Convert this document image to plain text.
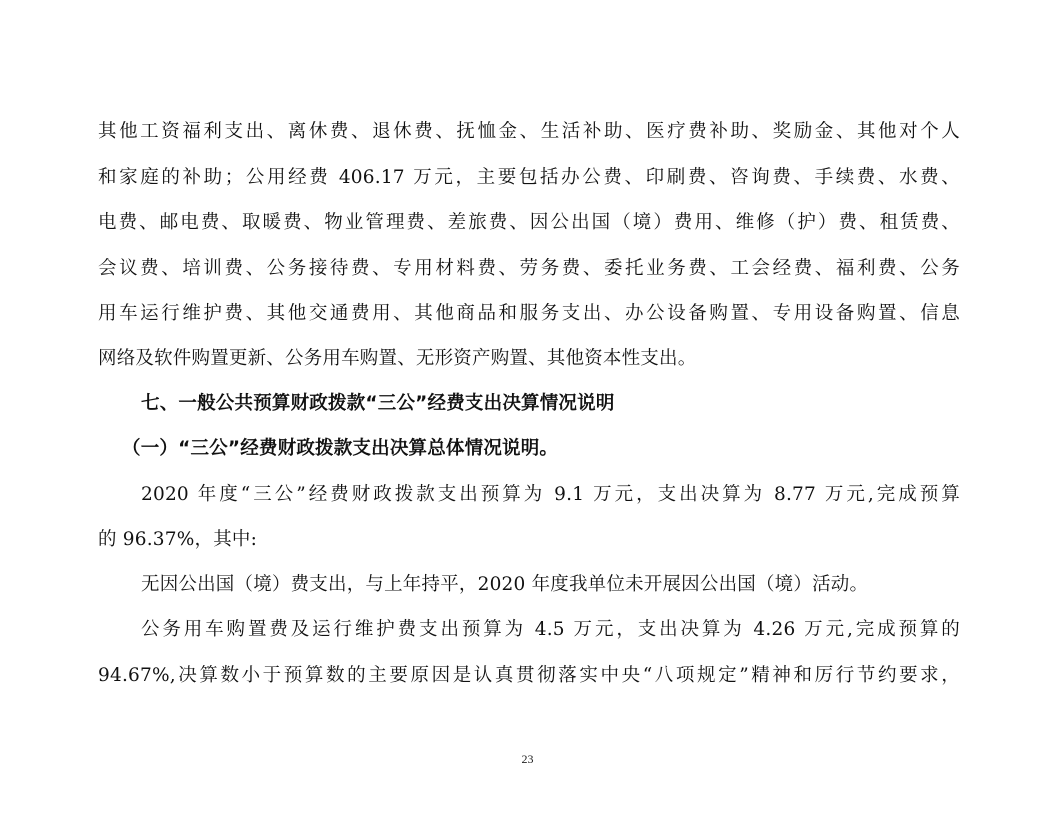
其他工资福利支出、离休费、退休费、抚恤金、生活补助、医疗费补助、奖励金、其他对个人
和家庭的补助；公用经费 406.17 万元，主要包括办公费、印刷费、咨询费、手续费、水费、
电费、邮电费、取暖费、物业管理费、差旅费、因公出国（境）费用、维修（护）费、租赁费、
会议费、培训费、公务接待费、专用材料费、劳务费、委托业务费、工会经费、福利费、公务
用车运行维护费、其他交通费用、其他商品和服务支出、办公设备购置、专用设备购置、信息
网络及软件购置更新、公务用车购置、无形资产购置、其他资本性支出。
七、一般公共预算财政拨款“三公”经费支出决算情况说明
（一）“三公”经费财政拨款支出决算总体情况说明。
2020 年度“三公”经费财政拨款支出预算为 9.1 万元，支出决算为 8.77 万元,完成预算
的 96.37%，其中:
无因公出国（境）费支出，与上年持平，2020 年度我单位未开展因公出国（境）活动。
公务用车购置费及运行维护费支出预算为 4.5 万元，支出决算为 4.26 万元,完成预算的
94.67%,决算数小于预算数的主要原因是认真贯彻落实中央“八项规定”精神和厉行节约要求，
23
